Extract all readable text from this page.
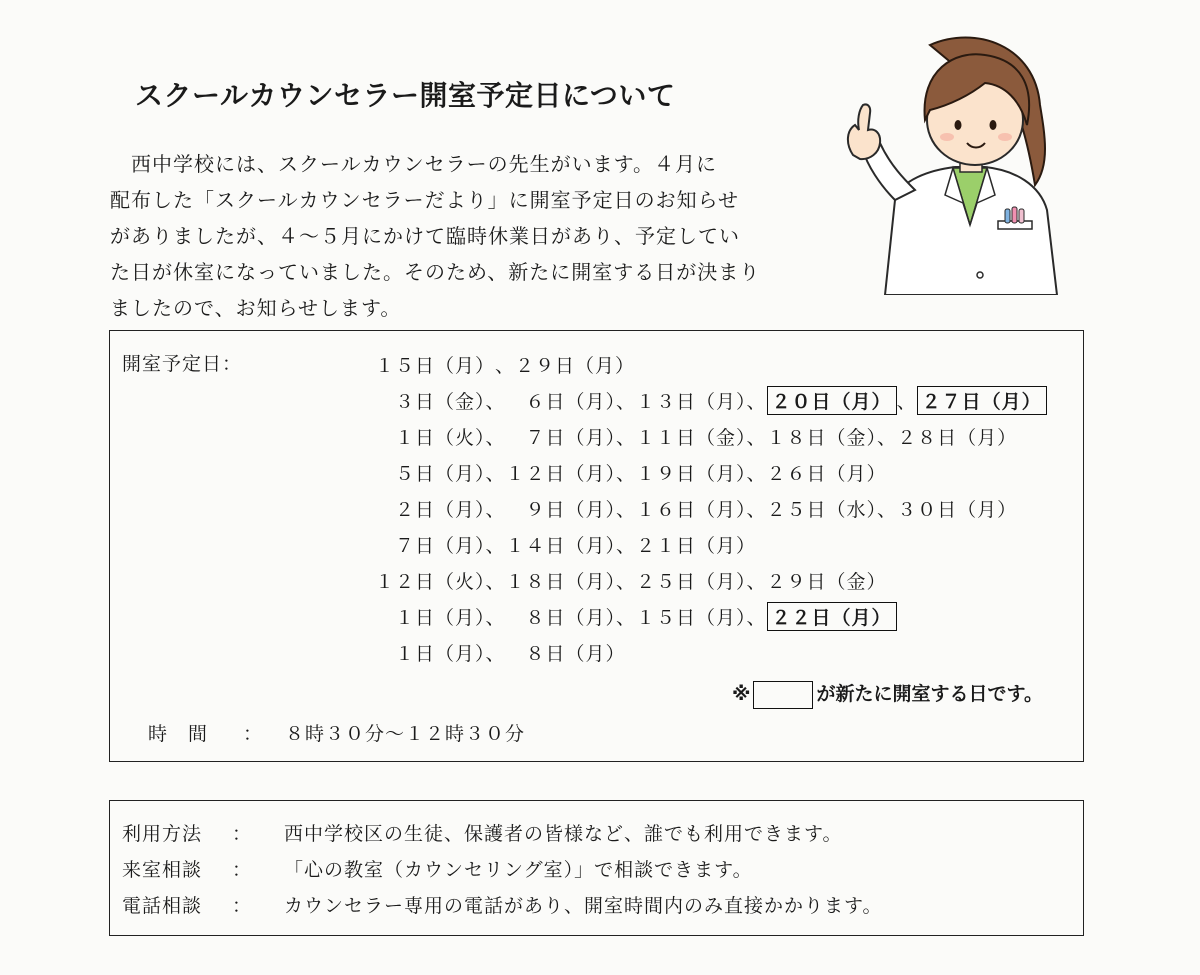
スクールカウンセラー開室予定日について
　西中学校には、スクールカウンセラーの先生がいます。４月に
配布した「スクールカウンセラーだより」に開室予定日のお知らせ
がありましたが、４～５月にかけて臨時休業日があり、予定してい
た日が休室になっていました。そのため、新たに開室する日が決まり
ましたので、お知らせします。
開室予定日：	　１５日（月）、２９日（月）
　　３日（金）、　６日（月）、１３日（月）、 ２０日（月） 、 ２７日（月）
　　１日（火）、　７日（月）、１１日（金）、１８日（金）、２８日（月）
　　５日（月）、１２日（月）、１９日（月）、２６日（月）
　　２日（月）、　９日（月）、１６日（月）、２５日（水）、３０日（月）
　　７日（月）、１４日（月）、２１日（月）
　１２日（火）、１８日（月）、２５日（月）、２９日（金）
　　１日（月）、　８日（月）、１５日（月）、 ２２日（月）
　　１日（月）、　８日（月）
※	が新たに開室する日です。
時　間 ： ８時３０分～１２時３０分
利用方法 ： 西中学校区の生徒、保護者の皆様など、誰でも利用できます。
来室相談 ： 「心の教室（カウンセリング室）」で相談できます。
電話相談 ： カウンセラー専用の電話があり、開室時間内のみ直接かかります。
